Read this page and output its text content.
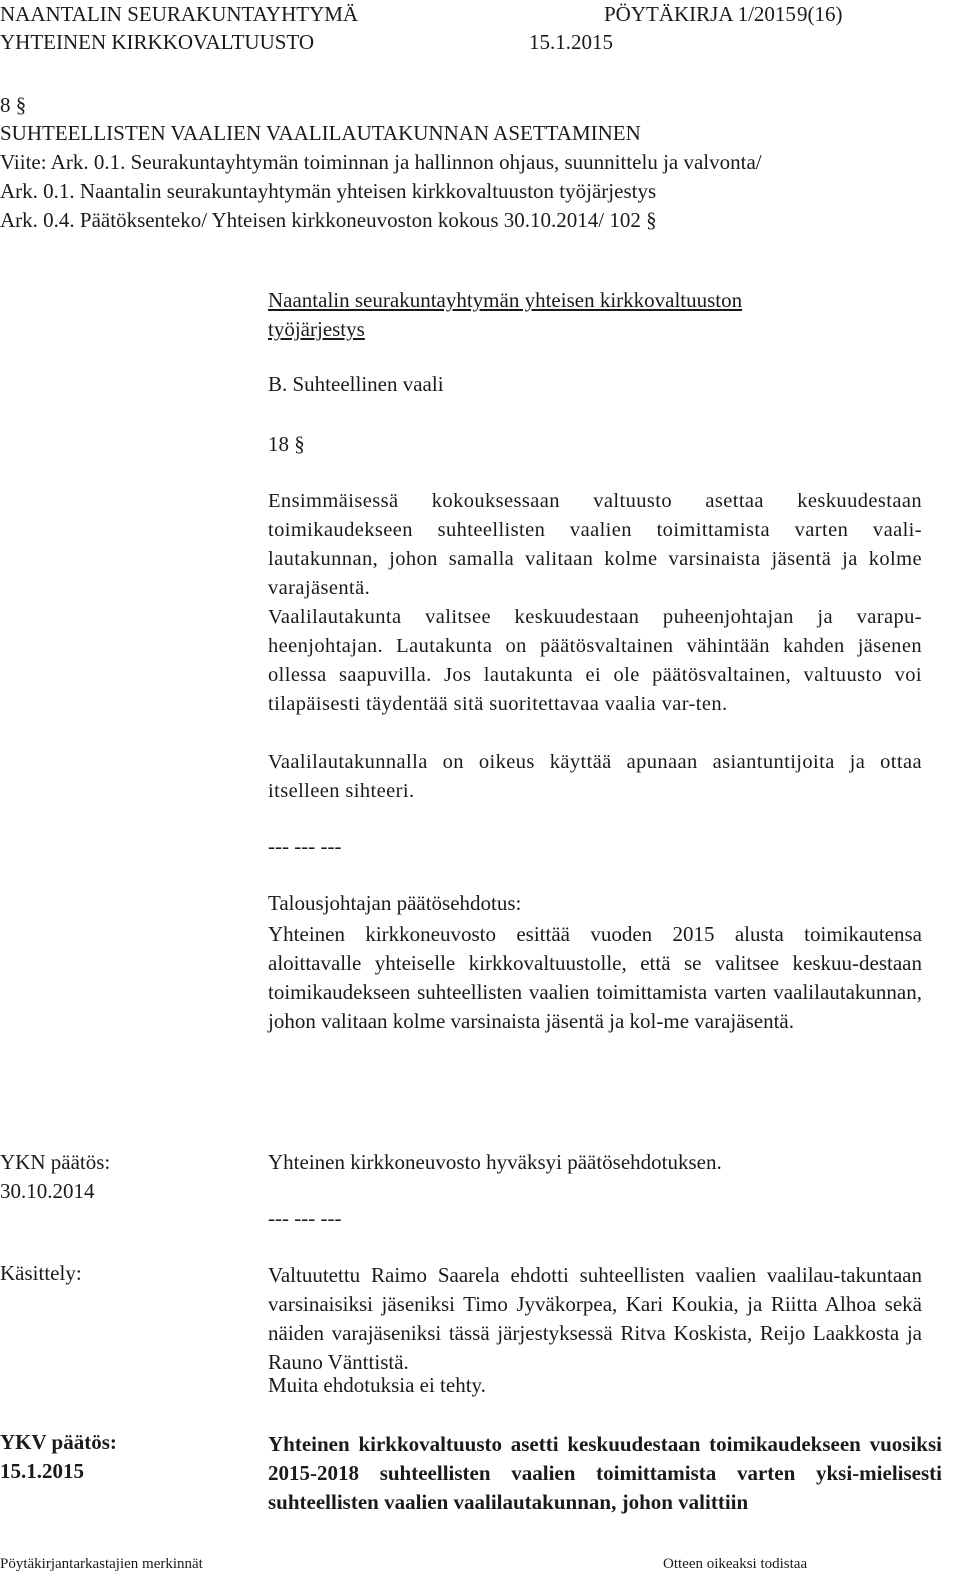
NAANTALIN SEURAKUNTAYHTYMÄ	PÖYTÄKIRJA 1/2015 9(16)
YHTEINEN KIRKKOVALTUUSTO	15.1.2015
8 §
SUHTEELLISTEN VAALIEN VAALILAUTAKUNNAN ASETTAMINEN
Viite: Ark. 0.1. Seurakuntayhtymän toiminnan ja hallinnon ohjaus, suunnittelu ja valvonta/
Ark. 0.1. Naantalin seurakuntayhtymän yhteisen kirkkovaltuuston työjärjestys
Ark. 0.4. Päätöksenteko/ Yhteisen kirkkoneuvoston kokous 30.10.2014/ 102 §
Naantalin seurakuntayhtymän yhteisen kirkkovaltuuston
työjärjestys
B. Suhteellinen vaali
18 §
Ensimmäisessä kokouksessaan valtuusto asettaa keskuudestaan toimikaudekseen suhteellisten vaalien toimittamista varten vaali-lautakunnan, johon samalla valitaan kolme varsinaista jäsentä ja kolme varajäsentä.
Vaalilautakunta valitsee keskuudestaan puheenjohtajan ja varapu-heenjohtajan. Lautakunta on päätösvaltainen vähintään kahden jäsenen ollessa saapuvilla. Jos lautakunta ei ole päätösvaltainen, valtuusto voi tilapäisesti täydentää sitä suoritettavaa vaalia var-ten.
Vaalilautakunnalla on oikeus käyttää apunaan asiantuntijoita ja ottaa itselleen sihteeri.
--- --- ---
Talousjohtajan päätösehdotus:
Yhteinen kirkkoneuvosto esittää vuoden 2015 alusta toimikautensa aloittavalle yhteiselle kirkkovaltuustolle, että se valitsee keskuu-destaan toimikaudekseen suhteellisten vaalien toimittamista varten vaalilautakunnan, johon valitaan kolme varsinaista jäsentä ja kol-me varajäsentä.
YKN päätös:
30.10.2014
Yhteinen kirkkoneuvosto hyväksyi päätösehdotuksen.
--- --- ---
Käsittely:	Valtuutettu Raimo Saarela ehdotti suhteellisten vaalien vaalilau-takuntaan varsinaisiksi jäseniksi Timo Jyväkorpea, Kari Koukia, ja Riitta Alhoa sekä näiden varajäseniksi tässä järjestyksessä Ritva Koskista, Reijo Laakkosta ja Rauno Vänttistä.
Muita ehdotuksia ei tehty.
YKV päätös:
15.1.2015
Yhteinen kirkkovaltuusto asetti keskuudestaan toimikaudekseen vuosiksi 2015-2018 suhteellisten vaalien toimittamista varten yksi-mielisesti suhteellisten vaalien vaalilautakunnan, johon valittiin
Pöytäkirjantarkastajien merkinnät	Otteen oikeaksi todistaa
